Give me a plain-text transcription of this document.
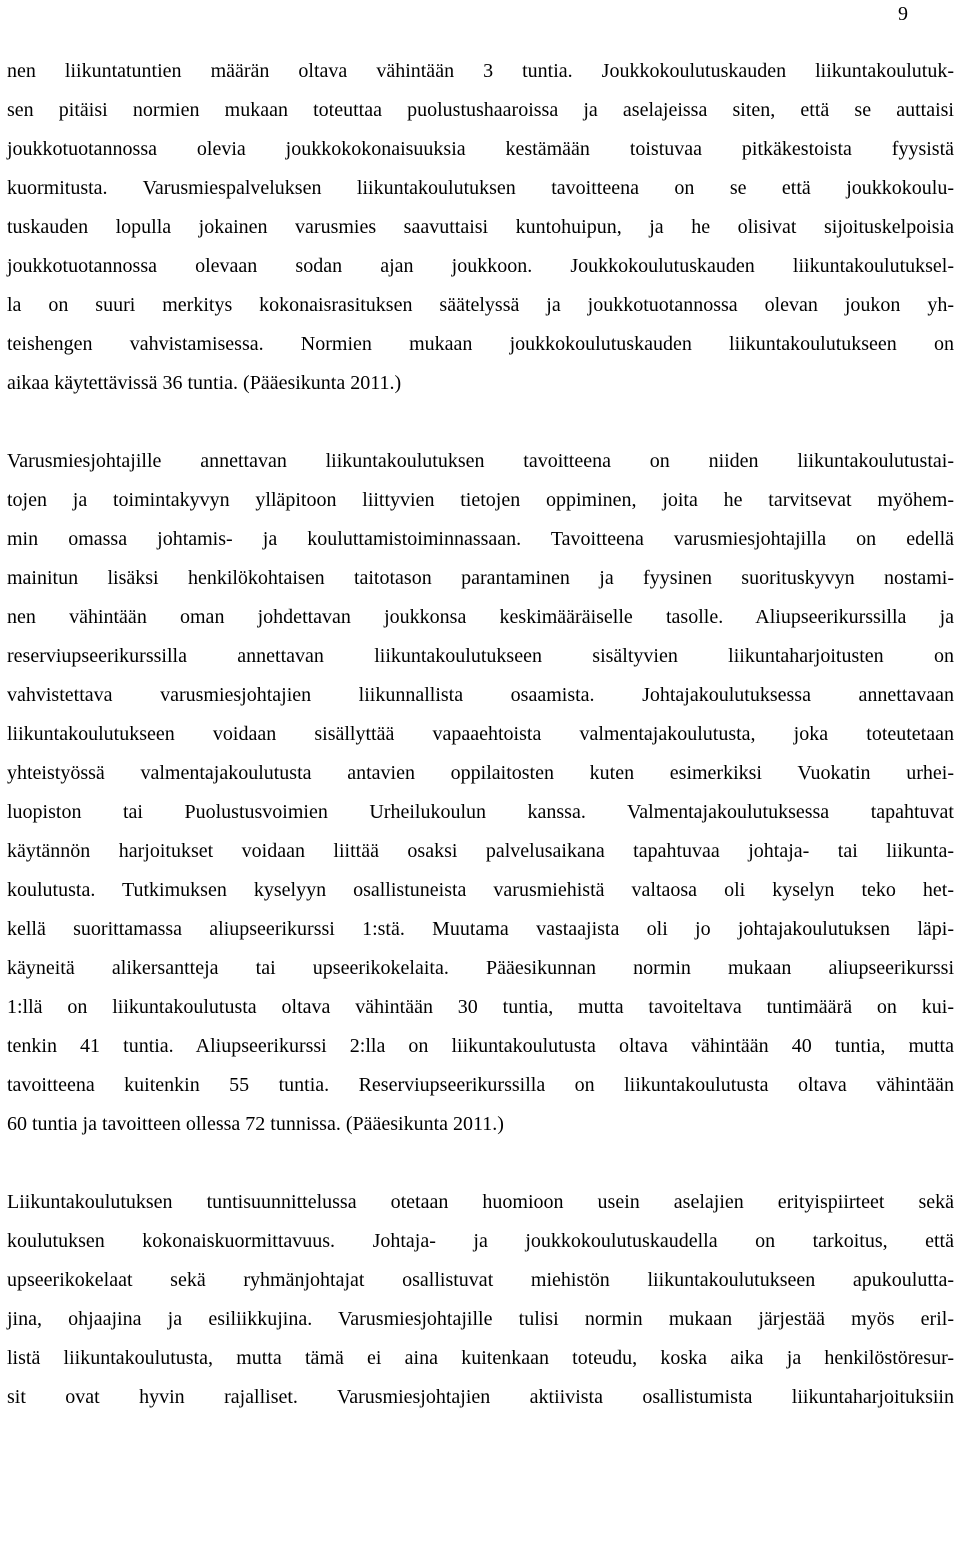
9
nen liikuntatuntien määrän oltava vähintään 3 tuntia. Joukkokoulutuskauden liikuntakoulutuk-
sen pitäisi normien mukaan toteuttaa puolustushaaroissa ja aselajeissa siten, että se auttaisi
joukkotuotannossa olevia joukkokokonaisuuksia kestämään toistuvaa pitkäkestoista fyysistä
kuormitusta. Varusmiespalveluksen liikuntakoulutuksen tavoitteena on se että joukkokoulu-
tuskauden lopulla jokainen varusmies saavuttaisi kuntohuipun, ja he olisivat sijoituskelpoisia
joukkotuotannossa olevaan sodan ajan joukkoon. Joukkokoulutuskauden liikuntakoulutuksel-
la on suuri merkitys kokonaisrasituksen säätelyssä ja joukkotuotannossa olevan joukon yh-
teishengen vahvistamisessa. Normien mukaan joukkokoulutuskauden liikuntakoulutukseen on
aikaa käytettävissä 36 tuntia. (Pääesikunta 2011.)
Varusmiesjohtajille annettavan liikuntakoulutuksen tavoitteena on niiden liikuntakoulutustai-
tojen ja toimintakyvyn ylläpitoon liittyvien tietojen oppiminen, joita he tarvitsevat myöhem-
min omassa johtamis- ja kouluttamistoiminnassaan. Tavoitteena varusmiesjohtajilla on edellä
mainitun lisäksi henkilökohtaisen taitotason parantaminen ja fyysinen suorituskyvyn nostami-
nen vähintään oman johdettavan joukkonsa keskimääräiselle tasolle. Aliupseerikurssilla ja
reserviupseerikurssilla annettavan liikuntakoulutukseen sisältyvien liikuntaharjoitusten on
vahvistettava varusmiesjohtajien liikunnallista osaamista. Johtajakoulutuksessa annettavaan
liikuntakoulutukseen voidaan sisällyttää vapaaehtoista valmentajakoulutusta, joka toteutetaan
yhteistyössä valmentajakoulutusta antavien oppilaitosten kuten esimerkiksi Vuokatin urhei-
luopiston tai Puolustusvoimien Urheilukoulun kanssa. Valmentajakoulutuksessa tapahtuvat
käytännön harjoitukset voidaan liittää osaksi palvelusaikana tapahtuvaa johtaja- tai liikunta-
koulutusta. Tutkimuksen kyselyyn osallistuneista varusmiehistä valtaosa oli kyselyn teko het-
kellä suorittamassa aliupseerikurssi 1:stä. Muutama vastaajista oli jo johtajakoulutuksen läpi-
käyneitä alikersantteja tai upseerikokelaita. Pääesikunnan normin mukaan aliupseerikurssi
1:llä on liikuntakoulutusta oltava vähintään 30 tuntia, mutta tavoiteltava tuntimäärä on kui-
tenkin 41 tuntia. Aliupseerikurssi 2:lla on liikuntakoulutusta oltava vähintään 40 tuntia, mutta
tavoitteena kuitenkin 55 tuntia. Reserviupseerikurssilla on liikuntakoulutusta oltava vähintään
60 tuntia ja tavoitteen ollessa 72 tunnissa. (Pääesikunta 2011.)
Liikuntakoulutuksen tuntisuunnittelussa otetaan huomioon usein aselajien erityispiirteet sekä
koulutuksen kokonaiskuormittavuus. Johtaja- ja joukkokoulutuskaudella on tarkoitus, että
upseerikokelaat sekä ryhmänjohtajat osallistuvat miehistön liikuntakoulutukseen apukoulutta-
jina, ohjaajina ja esiliikkujina. Varusmiesjohtajille tulisi normin mukaan järjestää myös eril-
listä liikuntakoulutusta, mutta tämä ei aina kuitenkaan toteudu, koska aika ja henkilöstöresur-
sit ovat hyvin rajalliset. Varusmiesjohtajien aktiivista osallistumista liikuntaharjoituksiin
